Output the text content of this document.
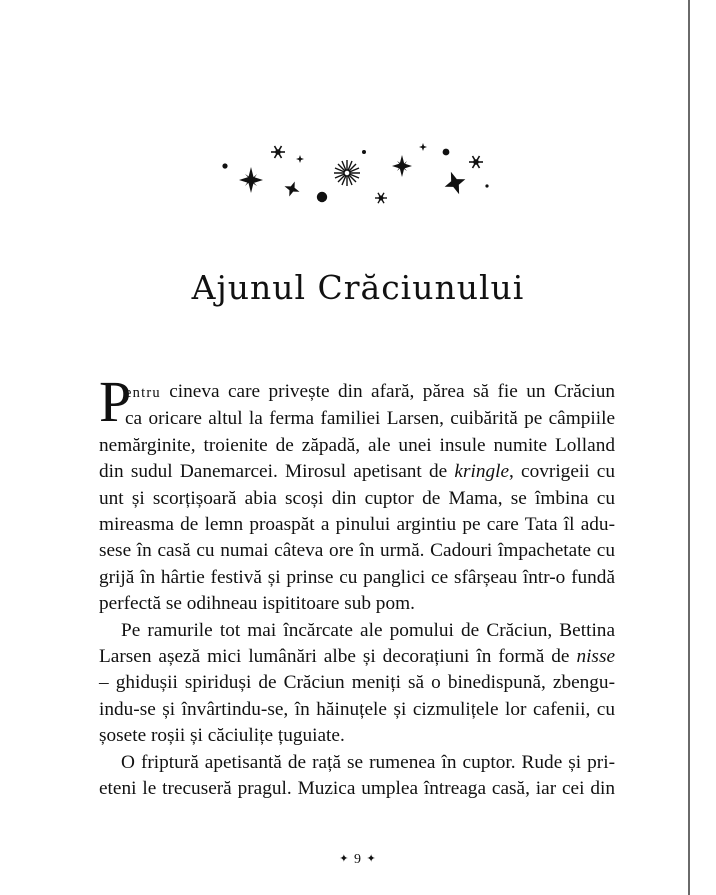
Ajunul Crăciunului
P
entru cineva care privește din afară, părea să fie un Crăciun
ca oricare altul la ferma familiei Larsen, cuibărită pe câmpiile
nemărginite, troienite de zăpadă, ale unei insule numite Lolland
din sudul Danemarcei. Mirosul apetisant de kringle, covrigeii cu
unt și scorțișoară abia scoși din cuptor de Mama, se îmbina cu
mireasma de lemn proaspăt a pinului argintiu pe care Tata îl adu-
sese în casă cu numai câteva ore în urmă. Cadouri împachetate cu
grijă în hârtie festivă și prinse cu panglici ce sfârșeau într-o fundă
perfectă se odihneau ispititoare sub pom.
Pe ramurile tot mai încărcate ale pomului de Crăciun, Bettina
Larsen așeză mici lumânări albe și decorațiuni în formă de nisse
– ghidușii spiriduși de Crăciun meniți să o binedispună, zbengu-
indu-se și învârtindu-se, în hăinuțele și cizmulițele lor cafenii, cu
șosete roșii și căciulițe țuguiate.
O friptură apetisantă de rață se rumenea în cuptor. Rude și pri-
eteni le trecuseră pragul. Muzica umplea întreaga casă, iar cei din
✦ 9 ✦
